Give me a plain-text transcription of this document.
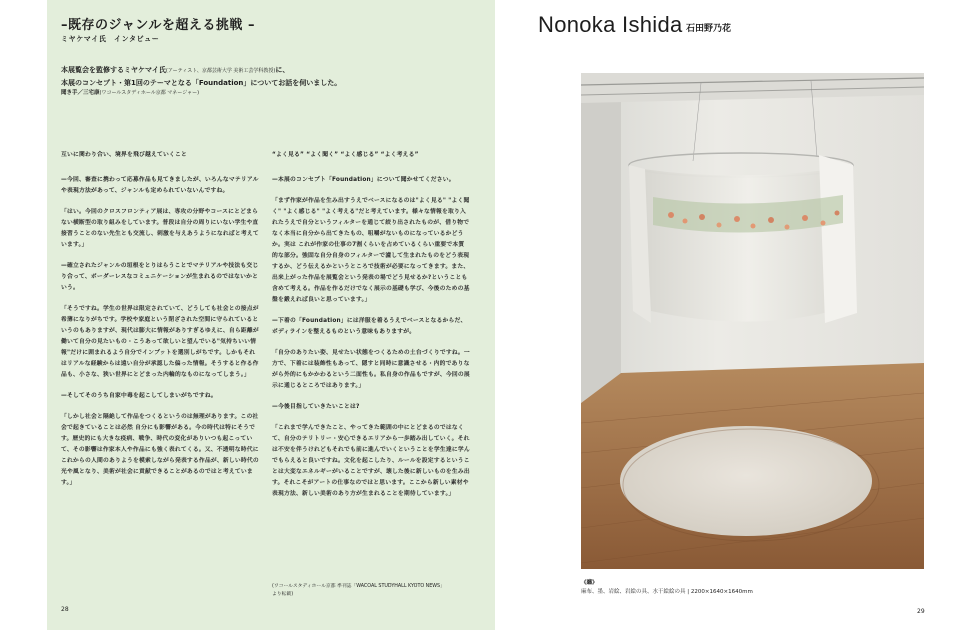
–既存のジャンルを超える挑戦 –
ミヤケマイ氏　インタビュー
本展覧会を監修するミヤケマイ氏(アーティスト、京都芸術大学 美術工芸学科教授)に、
本展のコンセプト・第1回のテーマとなる「Foundation」についてお話を伺いました。
聞き手／三宅康(ワコールスタディホール京都 マネージャー)

互いに関わり合い、境界を飛び越えていくこと

—今回、審査に携わって応募作品も見てきましたが、いろんなマテリアルや表現方法があって、ジャンルも定められていないんですね。

「はい。今回のクロスフロンティア展は、専攻の分野やコースにとどまらない横断型の取り組みをしています。普段は自分の周りにいない学生や直接習うことのない先生とも交流し、刺激を与えあうようになればと考えています。」

—確立されたジャンルの垣根をとりはらうことでマテリアルや技法も交じり合って、ボーダーレスなコミュニケーションが生まれるのではないかという。

「そうですね。学生の世界は限定されていて、どうしても社会との接点が希薄になりがちです。学校や家庭という閉ざされた空間に守られているというのもありますが、現代は膨大に情報がありすぎるゆえに、自ら距離が働いて自分の見たいもの・こうあって欲しいと望んでいる"気持ちいい情報"だけに囲まれるよう自分でインプットを選別しがちです。しかもそれはリアルな経験からは遠い自分が承認した偏った情報。そうすると作る作品も、小さな、狭い世界にとどまった内輪的なものになってしまう。」

—そしてそのうち自家中毒を起こしてしまいがちですね。

「しかし社会と隔絶して作品をつくるというのは無理があります。この社会で起きていることは必然 自分にも影響がある。今の時代は特にそうです。歴史的にも大きな疫病、戦争、時代の変化がありいつも起こっていて、その影響は作家本人や作品にも強く表れてくる。又、不透明な時代にこれからの人間のありようを模索しながら発表する作品が、新しい時代の光や風となり、美術が社会に貢献できることがあるのではと考えています。」

“よく見る” “よく聞く” “よく感じる” “よく考える”

—本展のコンセプト「Foundation」について聞かせてください。

「まず作家が作品を生み出すうえでベースになるのは"よく見る" "よく聞く" "よく感じる" "よく考える"だと考えています。様々な情報を取り入れたうえで自分というフィルターを通じて絞り出されたものが、借り物でなく本当に自分から出てきたもの、咀嚼がないものになっているかどうか。実は これが作家の仕事の7割くらいを占めているくらい重要で本質的な部分。強固な自分自身のフィルターで濾して生まれたものをどう表現するか、どう伝えるかというところで技術が必要になってきます。また、出来上がった作品を展覧会という発表の場でどう見せるか?ということも含めて考える。作品を作るだけでなく展示の基礎も学び、今後のための基盤を鍛えれば良いと思っています。」

—下着の「Foundation」には洋服を着るうえでベースとなるからだ、ボディラインを整えるものという意味もありますが。

「自分のありたい姿、見せたい状態をつくるための土台づくりですね。一方で、下着には装飾性もあって、隠すと同時に意識させる・内的でありながら外的にもかかわるという二面性も。私自身の作品もですが、今回の展示に通じるところではあります。」

—今後目指していきたいことは?

「これまで学んできたこと、やってきた範囲の中にとどまるのではなくて、自分のテリトリー・安心できるエリアから一歩踏み出していく。それは不安を伴うけれどもそれでも前に進んでいくということを学生達に学んでもらえると良いですね。文化を起こしたり、ルールを設定するということは大変なエネルギーがいることですが、壊した後に新しいものを生み出す。それこそがアートの仕事なのではと思います。ここから新しい素材や表現方法、新しい美術のあり方が生まれることを期待しています。」

(ワコールスタディホール京都 季刊誌「WACOAL STUDYHALL KYOTO NEWS」
より転載)
28
Nonoka Ishida 石田野乃花
《纏》
麻布、墨、岩絵、岩絵の具、水干絵絵の具 | 2200×1640×1640mm
29
